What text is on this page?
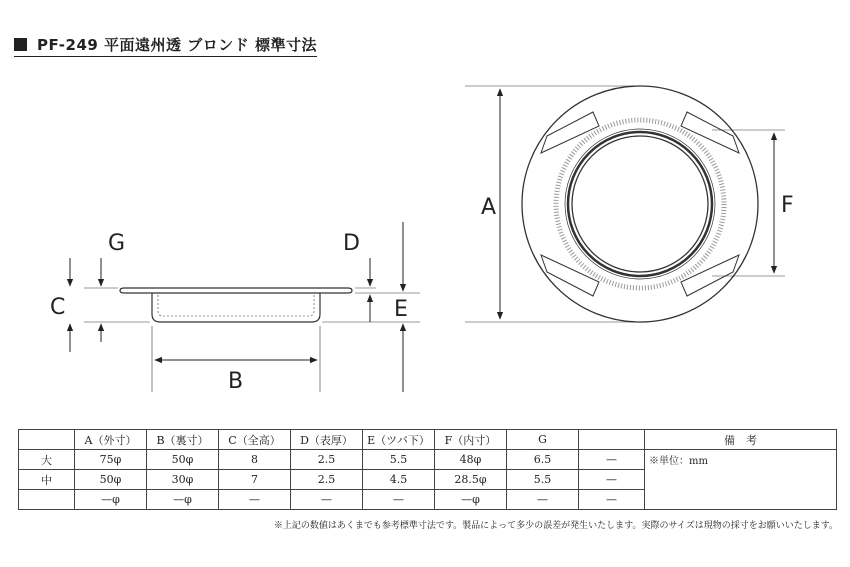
PF-249 平面遠州透 ブロンド 標準寸法
G
C
B
D
E
A	F
	A（外寸）	B（裏寸）	C（全高）	D（表厚）	E（ツバ下）	F（内寸）	G		備　考
大	75φ	50φ	8	2.5	5.5	48φ	6.5	—	※単位：mm
中	50φ	30φ	7	2.5	4.5	28.5φ	5.5	—	
	—φ	—φ	—	—	—	—φ	—	—	
※上記の数値はあくまでも参考標準寸法です。製品によって多少の誤差が発生いたします。実際のサイズは現物の採寸をお願いいたします。
